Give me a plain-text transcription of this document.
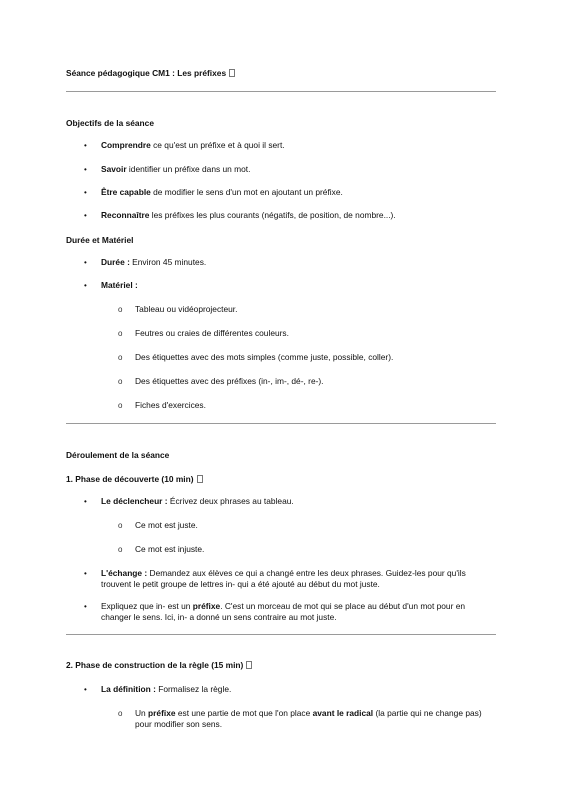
Séance pédagogique CM1 : Les préfixes

Objectifs de la séance

• Comprendre ce qu'est un préfixe et à quoi il sert.

• Savoir identifier un préfixe dans un mot.

• Être capable de modifier le sens d'un mot en ajoutant un préfixe.

• Reconnaître les préfixes les plus courants (négatifs, de position, de nombre...).

Durée et Matériel

• Durée : Environ 45 minutes.

• Matériel :

o Tableau ou vidéoprojecteur.

o Feutres ou craies de différentes couleurs.

o Des étiquettes avec des mots simples (comme juste, possible, coller).

o Des étiquettes avec des préfixes (in-, im-, dé-, re-).

o Fiches d'exercices.

Déroulement de la séance

1. Phase de découverte (10 min)

• Le déclencheur : Écrivez deux phrases au tableau.

o Ce mot est juste.

o Ce mot est injuste.

• L'échange : Demandez aux élèves ce qui a changé entre les deux phrases. Guidez-les pour qu'ils

trouvent le petit groupe de lettres in- qui a été ajouté au début du mot juste.

• Expliquez que in- est un préfixe. C'est un morceau de mot qui se place au début d'un mot pour en

changer le sens. Ici, in- a donné un sens contraire au mot juste.

2. Phase de construction de la règle (15 min)

• La définition : Formalisez la règle.

o Un préfixe est une partie de mot que l'on place avant le radical (la partie qui ne change pas)

pour modifier son sens.
